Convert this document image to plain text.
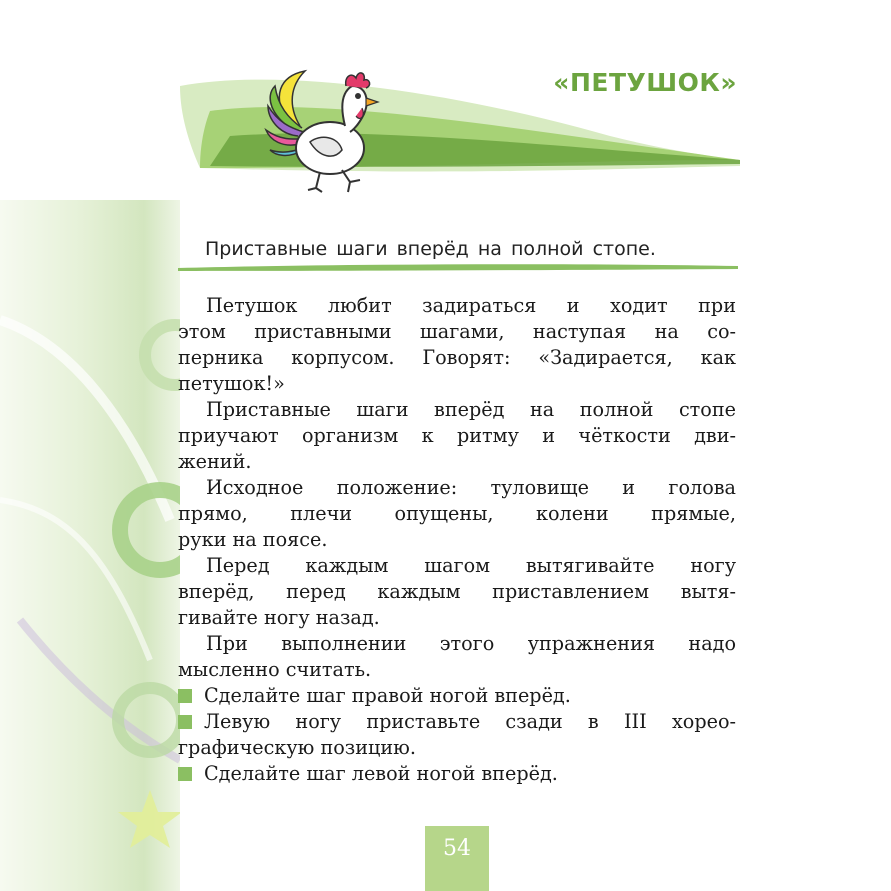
«ПЕТУШОК»
Приставные шаги вперёд на полной стопе.
Петушок любит задираться и ходит при
этом приставными шагами, наступая на со-
перника корпусом. Говорят: «Задирается, как
петушок!»
Приставные шаги вперёд на полной стопе
приучают организм к ритму и чёткости дви-
жений.
Исходное положение: туловище и голова
прямо, плечи опущены, колени прямые,
руки на поясе.
Перед каждым шагом вытягивайте ногу
вперёд, перед каждым приставлением вытя-
гивайте ногу назад.
При выполнении этого упражнения надо
мысленно считать.
Сделайте шаг правой ногой вперёд.
Левую ногу приставьте сзади в III хорео-
графическую позицию.
Сделайте шаг левой ногой вперёд.
54
